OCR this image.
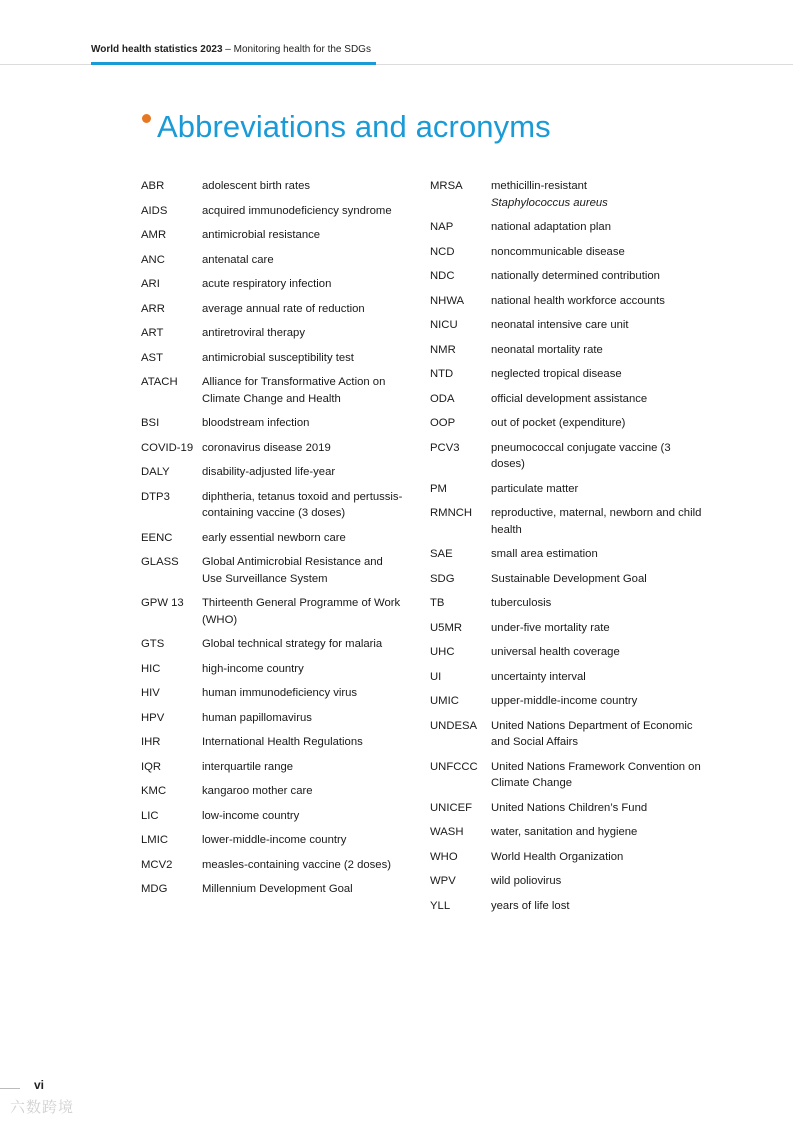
World health statistics 2023 – Monitoring health for the SDGs
Abbreviations and acronyms
ABR	adolescent birth rates
AIDS	acquired immunodeficiency syndrome
AMR	antimicrobial resistance
ANC	antenatal care
ARI	acute respiratory infection
ARR	average annual rate of reduction
ART	antiretroviral therapy
AST	antimicrobial susceptibility test
ATACH	Alliance for Transformative Action on Climate Change and Health
BSI	bloodstream infection
COVID-19 coronavirus disease 2019
DALY	disability-adjusted life-year
DTP3	diphtheria, tetanus toxoid and pertussis-containing vaccine (3 doses)
EENC	early essential newborn care
GLASS	Global Antimicrobial Resistance and Use Surveillance System
GPW 13	Thirteenth General Programme of Work (WHO)
GTS	Global technical strategy for malaria
HIC	high-income country
HIV	human immunodeficiency virus
HPV	human papillomavirus
IHR	International Health Regulations
IQR	interquartile range
KMC	kangaroo mother care
LIC	low-income country
LMIC	lower-middle-income country
MCV2	measles-containing vaccine (2 doses)
MDG	Millennium Development Goal
MRSA	methicillin-resistant
Staphylococcus aureus
NAP	national adaptation plan
NCD	noncommunicable disease
NDC	nationally determined contribution
NHWA	national health workforce accounts
NICU	neonatal intensive care unit
NMR	neonatal mortality rate
NTD	neglected tropical disease
ODA	official development assistance
OOP	out of pocket (expenditure)
PCV3	pneumococcal conjugate vaccine (3 doses)
PM	particulate matter
RMNCH	reproductive, maternal, newborn and child health
SAE	small area estimation
SDG	Sustainable Development Goal
TB	tuberculosis
U5MR	under-five mortality rate
UHC	universal health coverage
UI	uncertainty interval
UMIC	upper-middle-income country
UNDESA	United Nations Department of Economic and Social Affairs
UNFCCC	United Nations Framework Convention on Climate Change
UNICEF	United Nations Children’s Fund
WASH	water, sanitation and hygiene
WHO	World Health Organization
WPV	wild poliovirus
YLL	years of life lost
vi
六数跨境
